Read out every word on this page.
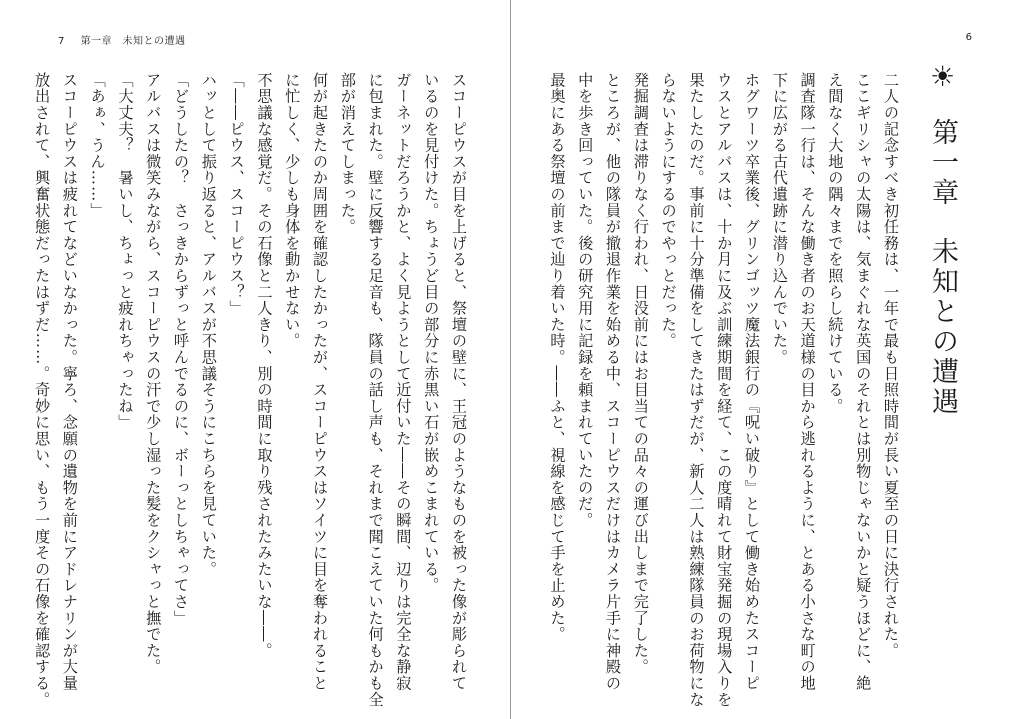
7 第一章　未知との遭遇
スコーピウスが目を上げると、祭壇の壁に、王冠のようなものを被った像が彫られて
いるのを見付けた。ちょうど目の部分に赤黒い石が嵌めこまれている。
ガーネットだろうかと、よく見ようとして近付いた――その瞬間、辺りは完全な静寂
に包まれた。壁に反響する足音も、隊員の話し声も、それまで聞こえていた何もかも全
部が消えてしまった。
何が起きたのか周囲を確認したかったが、スコーピウスはソイツに目を奪われること
に忙しく、少しも身体を動かせない。
不思議な感覚だ。その石像と二人きり、別の時間に取り残されたみたいな――。
「――ピウス、スコーピウス？」
ハッとして振り返ると、アルバスが不思議そうにこちらを見ていた。
「どうしたの？　さっきからずっと呼んでるのに、ボーっとしちゃってさ」
アルバスは微笑みながら、スコーピウスの汗で少し湿った髪をクシャっと撫でた。
「大丈夫？　暑いし、ちょっと疲れちゃったね」
「あぁ、うん……」
スコーピウスは疲れてなどいなかった。寧ろ、念願の遺物を前にアドレナリンが大量
放出されて、興奮状態だったはずだ……。奇妙に思い、もう一度その石像を確認する。
6
☀ 第一章 未知との遭遇
二人の記念すべき初任務は、一年で最も日照時間が長い夏至の日に決行された。
ここギリシャの太陽は、気まぐれな英国のそれとは別物じゃないかと疑うほどに、絶
え間なく大地の隅々までを照らし続けている。
調査隊一行は、そんな働き者のお天道様の目から逃れるように、とある小さな町の地
下に広がる古代遺跡に潜り込んでいた。
ホグワーツ卒業後、グリンゴッツ魔法銀行の『呪い破り』として働き始めたスコーピ
ウスとアルバスは、十か月に及ぶ訓練期間を経て、この度晴れて財宝発掘の現場入りを
果たしたのだ。事前に十分準備をしてきたはずだが、新人二人は熟練隊員のお荷物にな
らないようにするのでやっとだった。
発掘調査は滞りなく行われ、日没前にはお目当ての品々の運び出しまで完了した。
ところが、他の隊員が撤退作業を始める中、スコーピウスだけはカメラ片手に神殿の
中を歩き回っていた。後の研究用に記録を頼まれていたのだ。
最奥にある祭壇の前まで辿り着いた時。――ふと、視線を感じて手を止めた。
